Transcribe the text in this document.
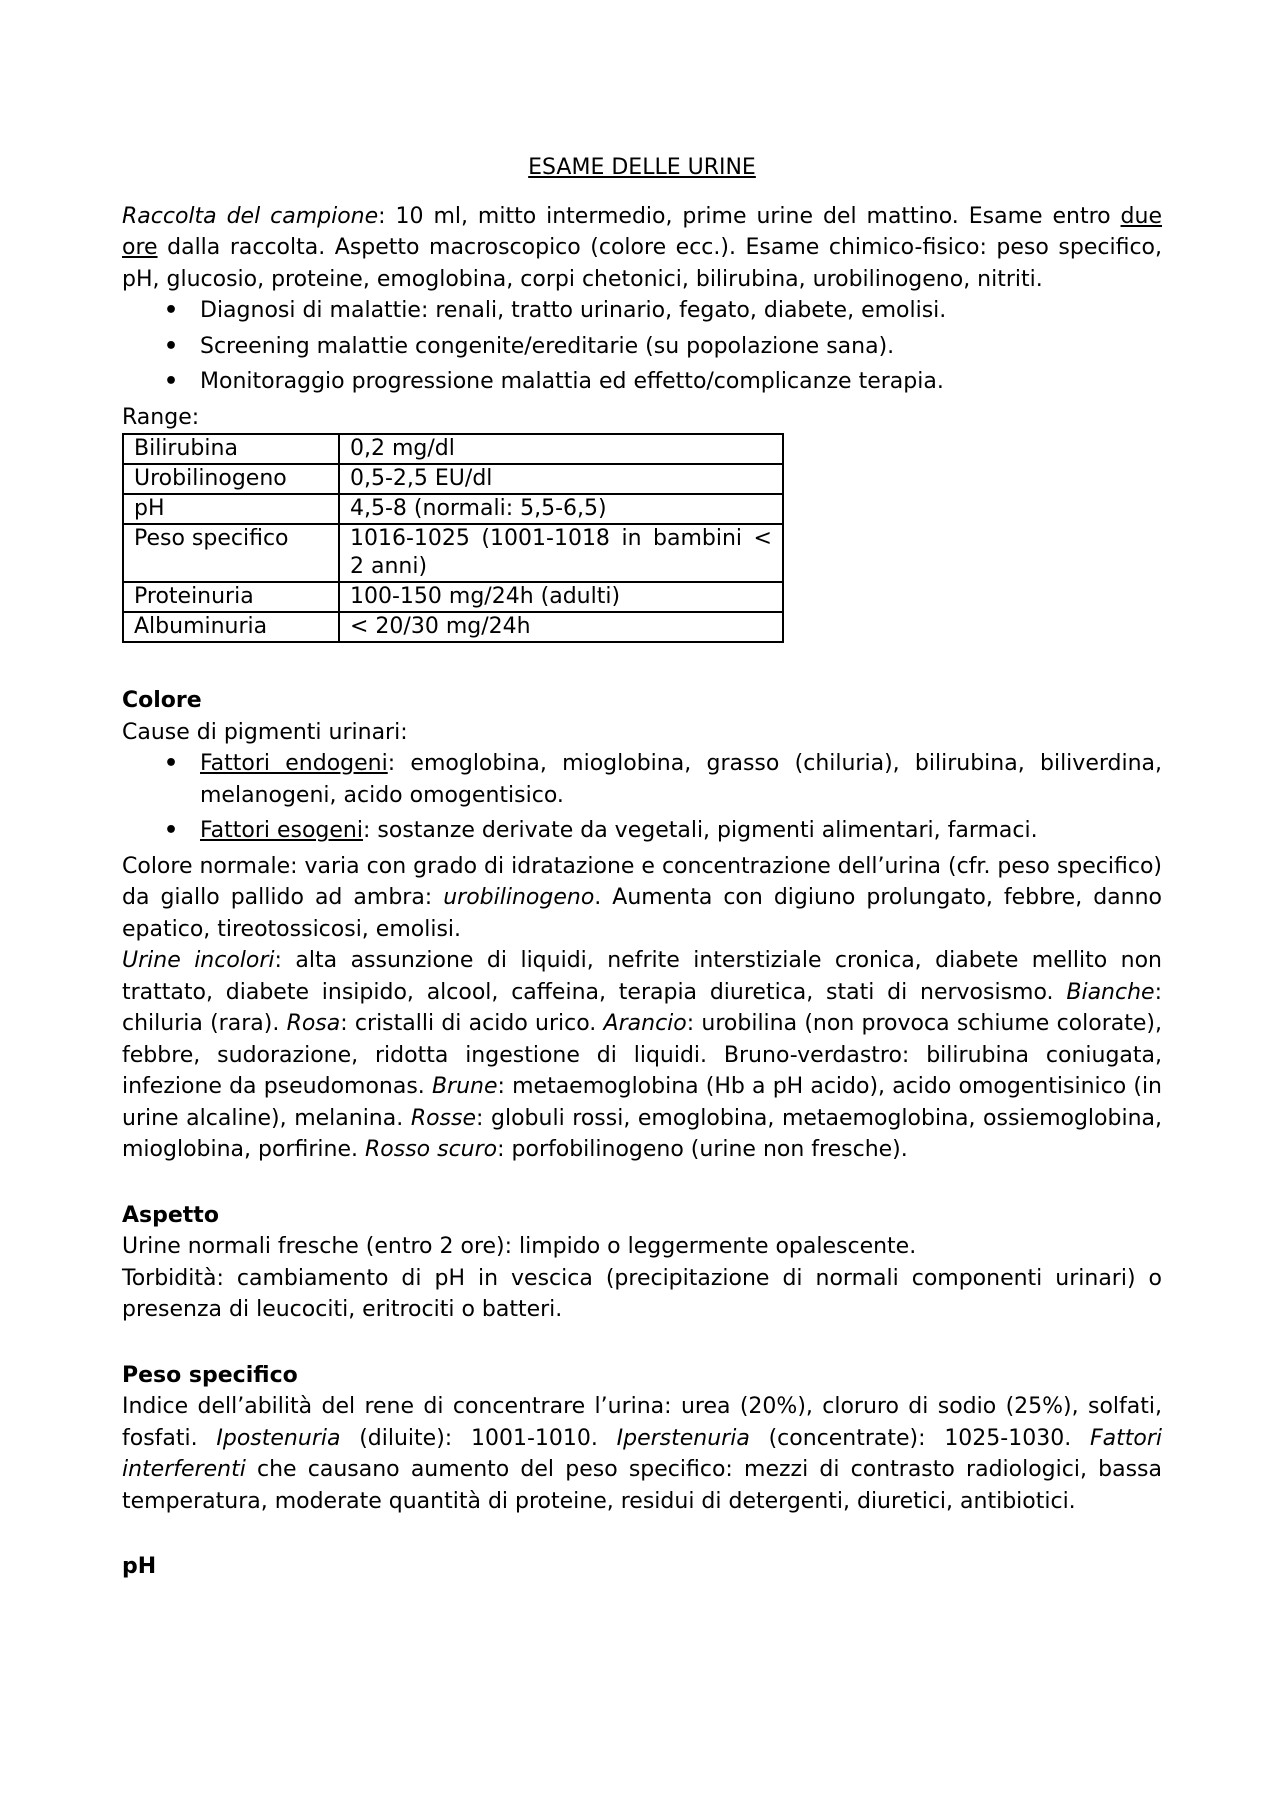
ESAME DELLE URINE

Raccolta del campione: 10 ml, mitto intermedio, prime urine del mattino. Esame entro due ore dalla raccolta. Aspetto macroscopico (colore ecc.). Esame chimico-fisico: peso specifico, pH, glucosio, proteine, emoglobina, corpi chetonici, bilirubina, urobilinogeno, nitriti.

• Diagnosi di malattie: renali, tratto urinario, fegato, diabete, emolisi.
• Screening malattie congenite/ereditarie (su popolazione sana).
• Monitoraggio progressione malattia ed effetto/complicanze terapia.

Range:

Bilirubina	0,2 mg/dl
Urobilinogeno	0,5-2,5 EU/dl
pH	4,5-8 (normali: 5,5-6,5)
Peso specifico	1016-1025 (1001-1018 in bambini < 2 anni)
Proteinuria	100-150 mg/24h (adulti)
Albuminuria	< 20/30 mg/24h
Colore

Cause di pigmenti urinari:

• Fattori endogeni: emoglobina, mioglobina, grasso (chiluria), bilirubina, biliverdina, melanogeni, acido omogentisico.
• Fattori esogeni: sostanze derivate da vegetali, pigmenti alimentari, farmaci.

Colore normale: varia con grado di idratazione e concentrazione dell’urina (cfr. peso specifico) da giallo pallido ad ambra: urobilinogeno. Aumenta con digiuno prolungato, febbre, danno epatico, tireotossicosi, emolisi.

Urine incolori: alta assunzione di liquidi, nefrite interstiziale cronica, diabete mellito non trattato, diabete insipido, alcool, caffeina, terapia diuretica, stati di nervosismo. Bianche: chiluria (rara). Rosa: cristalli di acido urico. Arancio: urobilina (non provoca schiume colorate), febbre, sudorazione, ridotta ingestione di liquidi. Bruno-verdastro: bilirubina coniugata, infezione da pseudomonas. Brune: metaemoglobina (Hb a pH acido), acido omogentisinico (in urine alcaline), melanina. Rosse: globuli rossi, emoglobina, metaemoglobina, ossiemoglobina, mioglobina, porfirine. Rosso scuro: porfobilinogeno (urine non fresche).

Aspetto

Urine normali fresche (entro 2 ore): limpido o leggermente opalescente.

Torbidità: cambiamento di pH in vescica (precipitazione di normali componenti urinari) o presenza di leucociti, eritrociti o batteri.

Peso specifico

Indice dell’abilità del rene di concentrare l’urina: urea (20%), cloruro di sodio (25%), solfati, fosfati. Ipostenuria (diluite): 1001-1010. Iperstenuria (concentrate): 1025-1030. Fattori interferenti che causano aumento del peso specifico: mezzi di contrasto radiologici, bassa temperatura, moderate quantità di proteine, residui di detergenti, diuretici, antibiotici.

pH
